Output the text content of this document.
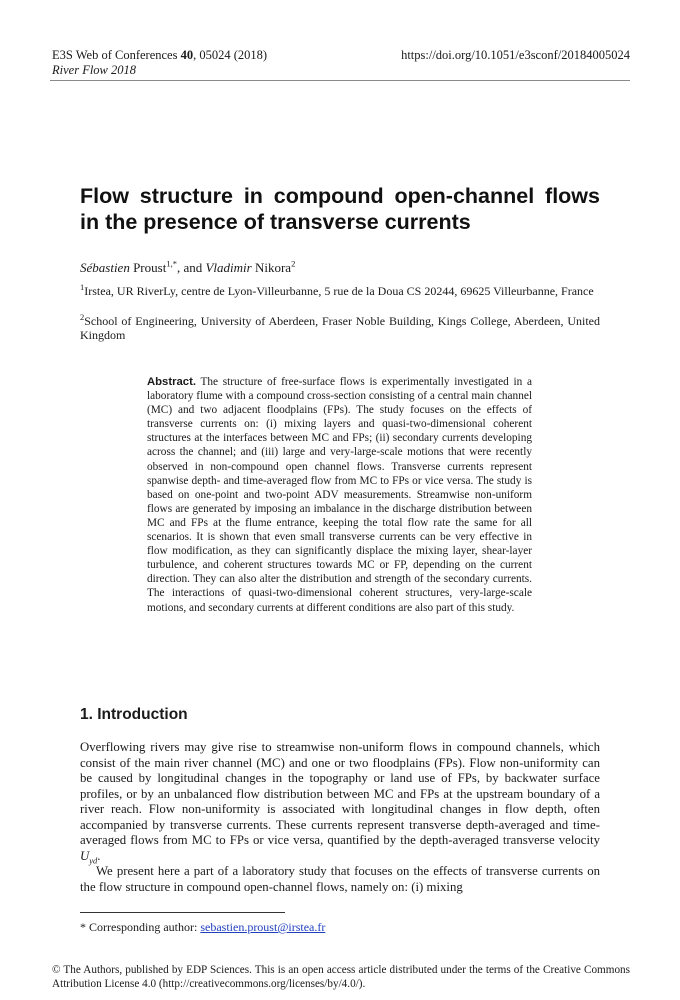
E3S Web of Conferences 40, 05024 (2018)
River Flow 2018
https://doi.org/10.1051/e3sconf/20184005024
Flow structure in compound open-channel flows in the presence of transverse currents
Sébastien Proust$^{1,*}$, and Vladimir Nikora$^2$
$^1$Irstea, UR RiverLy, centre de Lyon-Villeurbanne, 5 rue de la Doua CS 20244, 69625 Villeurbanne, France
$^2$School of Engineering, University of Aberdeen, Fraser Noble Building, Kings College, Aberdeen, United Kingdom

Abstract. The structure of free-surface flows is experimentally investigated in a laboratory flume with a compound cross-section consisting of a central main channel (MC) and two adjacent floodplains (FPs). The study focuses on the effects of transverse currents on: (i) mixing layers and quasi-two-dimensional coherent structures at the interfaces between MC and FPs; (ii) secondary currents developing across the channel; and (iii) large and very-large-scale motions that were recently observed in non-compound open channel flows. Transverse currents represent spanwise depth- and time-averaged flow from MC to FPs or vice versa. The study is based on one-point and two-point ADV measurements. Streamwise non-uniform flows are generated by imposing an imbalance in the discharge distribution between MC and FPs at the flume entrance, keeping the total flow rate the same for all scenarios. It is shown that even small transverse currents can be very effective in flow modification, as they can significantly displace the mixing layer, shear-layer turbulence, and coherent structures towards MC or FP, depending on the current direction. They can also alter the distribution and strength of the secondary currents. The interactions of quasi-two-dimensional coherent structures, very-large-scale motions, and secondary currents at different conditions are also part of this study.

1. Introduction

Overflowing rivers may give rise to streamwise non-uniform flows in compound channels, which consist of the main river channel (MC) and one or two floodplains (FPs). Flow non-uniformity can be caused by longitudinal changes in the topography or land use of FPs, by backwater surface profiles, or by an unbalanced flow distribution between MC and FPs at the upstream boundary of a river reach. Flow non-uniformity is associated with longitudinal changes in flow depth, often accompanied by transverse currents. These currents represent transverse depth-averaged and time-averaged flows from MC to FPs or vice versa, quantified by the depth-averaged transverse velocity $U_{yd}$.

We present here a part of a laboratory study that focuses on the effects of transverse currents on the flow structure in compound open-channel flows, namely on: (i) mixing

* Corresponding author: sebastien.proust@irstea.fr
© The Authors, published by EDP Sciences. This is an open access article distributed under the terms of the Creative Commons Attribution License 4.0 (http://creativecommons.org/licenses/by/4.0/).
